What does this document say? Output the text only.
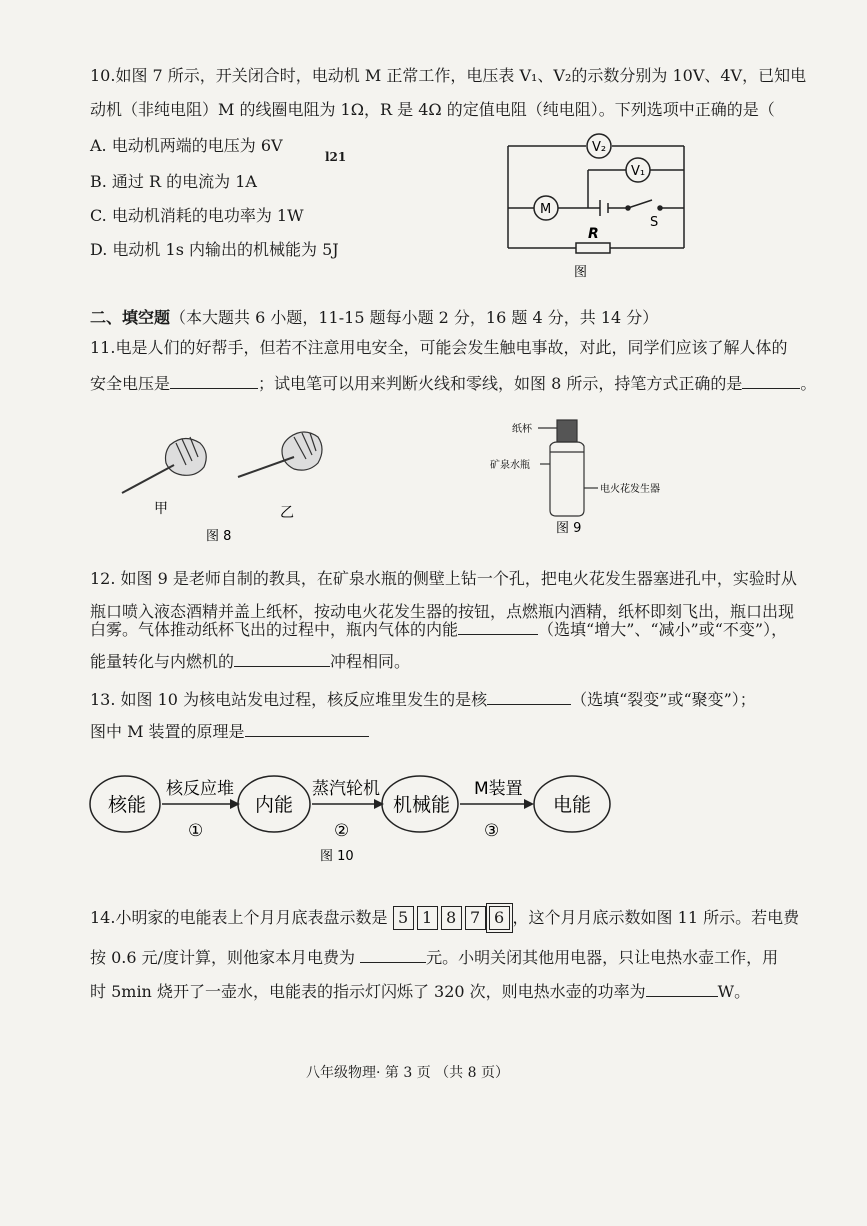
10.如图 7 所示，开关闭合时，电动机 M 正常工作，电压表 V₁、V₂的示数分别为 10V、4V，已知电
动机（非纯电阻）M 的线圈电阻为 1Ω，R 是 4Ω 的定值电阻（纯电阻）。下列选项中正确的是（
A. 电动机两端的电压为 6V
B. 通过 R 的电流为 1A
C. 电动机消耗的电功率为 1W
D. 电动机 1s 内输出的机械能为 5J
l21
V₂
V₁
M
S
R
图
二、填空题（本大题共 6 小题，11-15 题每小题 2 分，16 题 4 分，共 14 分）
11.电是人们的好帮手，但若不注意用电安全，可能会发生触电事故，对此，同学们应该了解人体的
安全电压是	；试电笔可以用来判断火线和零线，如图 8 所示，持笔方式正确的是	。
甲	乙
图 8
纸杯
矿泉水瓶
电火花发生器
图 9
12. 如图 9 是老师自制的教具，在矿泉水瓶的侧壁上钻一个孔，把电火花发生器塞进孔中，实验时从
瓶口喷入液态酒精并盖上纸杯，按动电火花发生器的按钮，点燃瓶内酒精，纸杯即刻飞出，瓶口出现
白雾。气体推动纸杯飞出的过程中，瓶内气体的内能	（选填“增大”、“减小”或“不变”），
能量转化与内燃机的	冲程相同。
13. 如图 10 为核电站发电过程，核反应堆里发生的是核	（选填“裂变”或“聚变”）；
图中 M 装置的原理是
核能	内能	机械能	电能
核反应堆	蒸汽轮机	M装置
①	②	③
图 10
14.小明家的电能表上个月月底表盘示数是 5 1 8 7 6 ，这个月月底示数如图 11 所示。若电费
按 0.6 元/度计算，则他家本月电费为	元。小明关闭其他用电器，只让电热水壶工作，用
时 5min 烧开了一壶水，电能表的指示灯闪烁了 320 次，则电热水壶的功率为	W。
八年级物理· 第 3 页 （共 8 页）
